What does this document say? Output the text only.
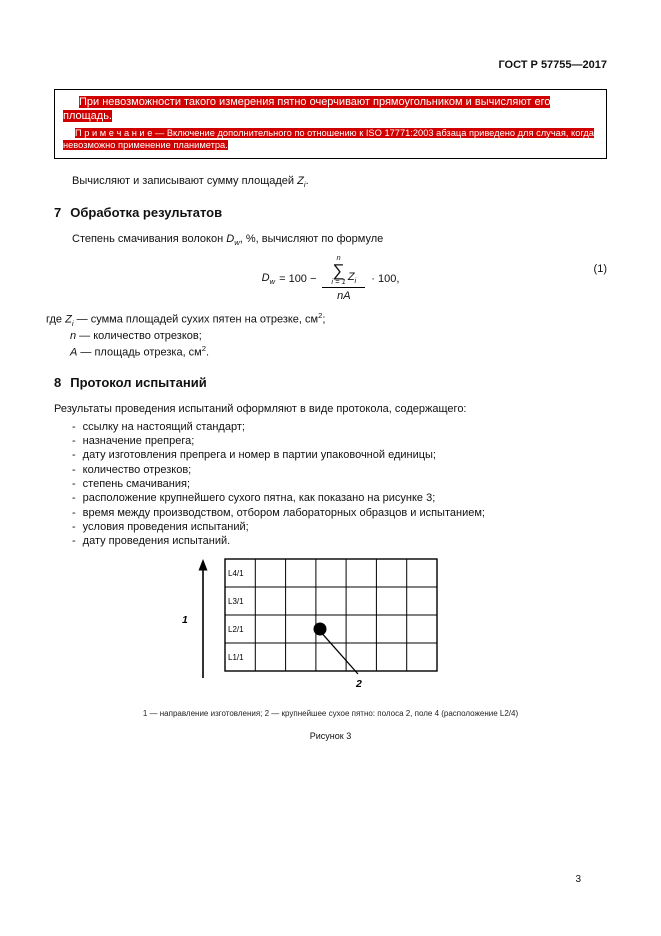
ГОСТ Р 57755—2017

При невозможности такого измерения пятно очерчивают прямоугольником и вычисляют его площадь.

П р и м е ч а н и е — Включение дополнительного по отношению к ISO 17771:2003 абзаца приведено для случая, когда невозможно применение планиметра.

Вычисляют и записывают сумму площадей $Z_i$.

7 Обработка результатов

Степень смачивания волокон $D_w$, %, вычисляют по формуле

$D_w = 100$ −
n
∑
i = 1 $Z_i$
nA
· 100,
(1)
где $Z_i$ — сумма площадей сухих пятен на отрезке, $см^2$;
n — количество отрезков;
A — площадь отрезка, $см^2$.
8 Протокол испытаний

Результаты проведения испытаний оформляют в виде протокола, содержащего:

- ссылку на настоящий стандарт;
- назначение препрега;
- дату изготовления препрега и номер в партии упаковочной единицы;
- количество отрезков;
- степень смачивания;
- расположение крупнейшего сухого пятна, как показано на рисунке 3;
- время между производством, отбором лабораторных образцов и испытанием;
- условия проведения испытаний;
- дату проведения испытаний.
1
L4/1
L3/1
L2/1
L1/1
2
1 — направление изготовления; 2 — крупнейшее сухое пятно: полоса 2, поле 4 (расположение L2/4)
Рисунок 3
3
